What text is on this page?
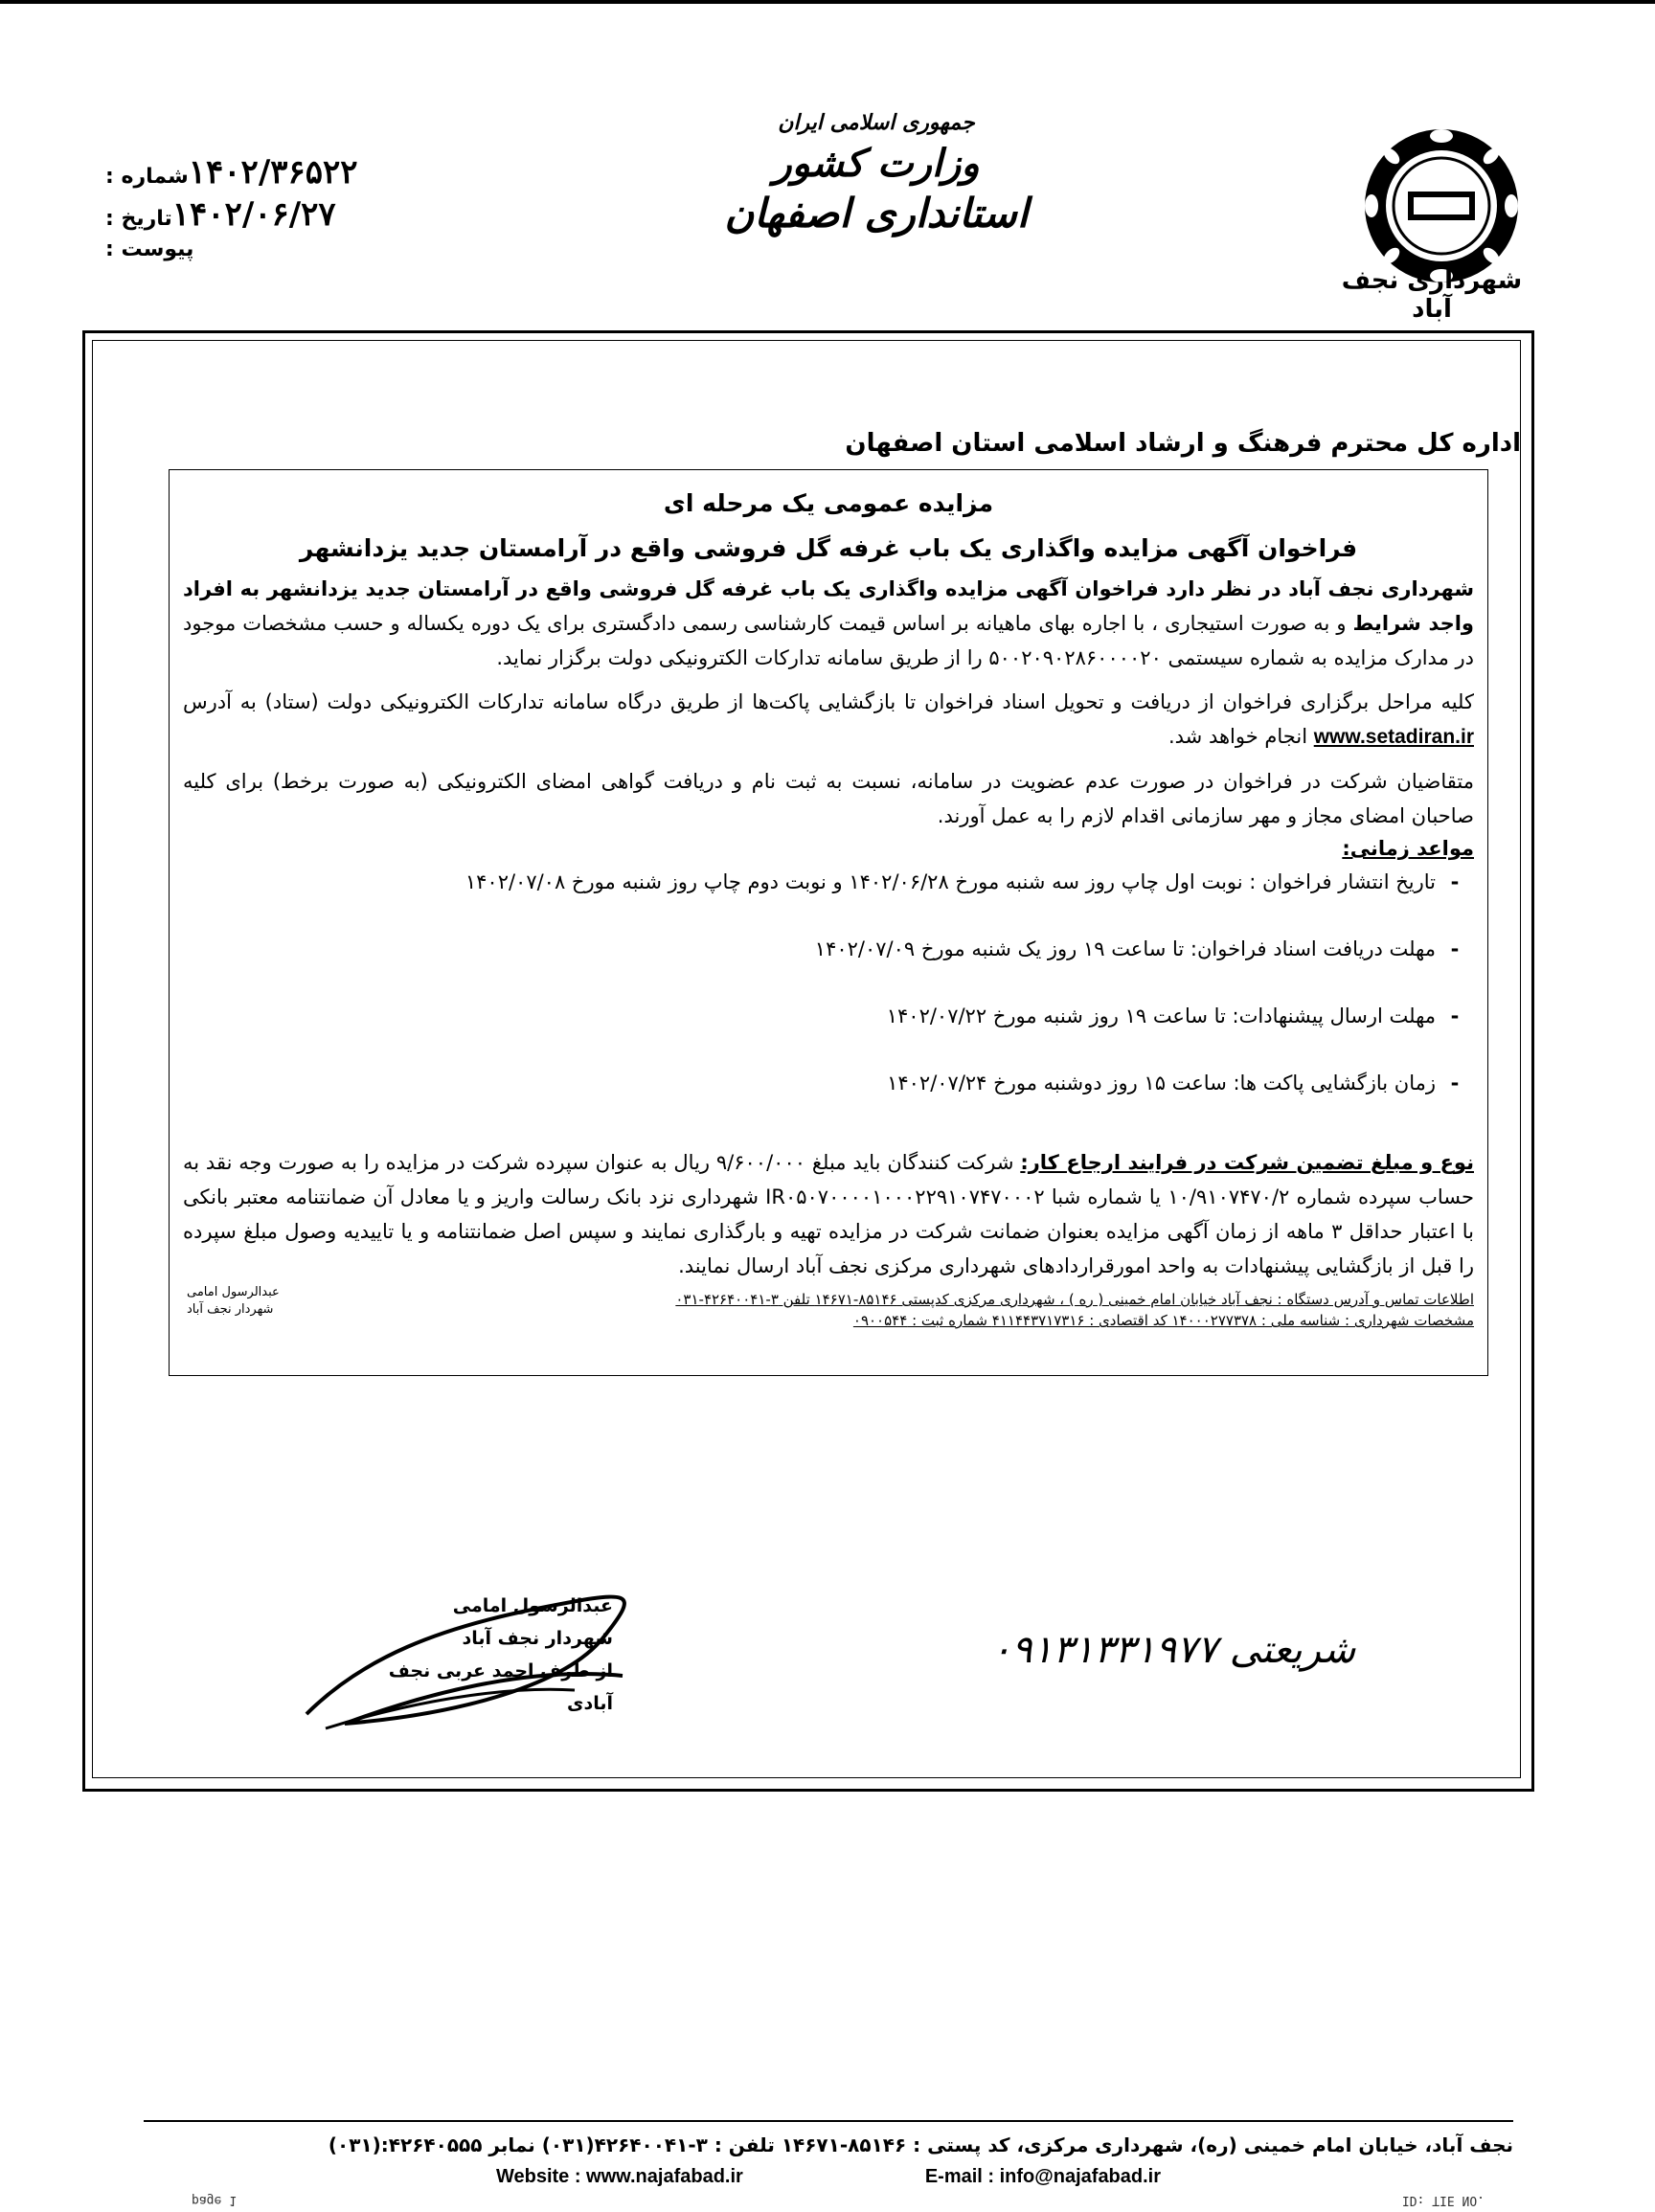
شهرداری نجف آباد
جمهوری اسلامی ایران
وزارت کشور
استانداری اصفهان
شماره : ۱۴۰۲/۳۶۵۲۲
تاریخ : ۱۴۰۲/۰۶/۲۷
پیوست :
اداره کل محترم فرهنگ و ارشاد اسلامی استان اصفهان
مزایده عمومی یک مرحله ای
فراخوان آگهی مزایده واگذاری یک باب غرفه گل فروشی واقع در آرامستان جدید یزدانشهر
شهرداری نجف آباد در نظر دارد فراخوان آگهی مزایده واگذاری یک باب غرفه گل فروشی واقع در آرامستان جدید یزدانشهر به افراد واجد شرایط و به صورت استیجاری ، با اجاره بهای ماهیانه بر اساس قیمت کارشناسی رسمی دادگستری برای یک دوره یکساله و حسب مشخصات موجود در مدارک مزایده به شماره سیستمی ۵۰۰۲۰۹۰۲۸۶۰۰۰۰۲۰ را از طریق سامانه تدارکات الکترونیکی دولت برگزار نماید.
کلیه مراحل برگزاری فراخوان از دریافت و تحویل اسناد فراخوان تا بازگشایی پاکت‌ها از طریق درگاه سامانه تدارکات الکترونیکی دولت (ستاد) به آدرس www.setadiran.ir انجام خواهد شد.
متقاضیان شرکت در فراخوان در صورت عدم عضویت در سامانه، نسبت به ثبت نام و دریافت گواهی امضای الکترونیکی (به صورت برخط) برای کلیه صاحبان امضای مجاز و مهر سازمانی اقدام لازم را به عمل آورند.
مواعد زمانی:
-
تاریخ انتشار فراخوان : نوبت اول چاپ روز سه شنبه مورخ ۱۴۰۲/۰۶/۲۸ و نوبت دوم چاپ روز شنبه مورخ ۱۴۰۲/۰۷/۰۸
-
مهلت دریافت اسناد فراخوان: تا ساعت ۱۹ روز یک شنبه مورخ ۱۴۰۲/۰۷/۰۹
-
مهلت ارسال پیشنهادات: تا ساعت ۱۹ روز شنبه مورخ ۱۴۰۲/۰۷/۲۲
-
زمان بازگشایی پاکت ها: ساعت ۱۵ روز دوشنبه مورخ ۱۴۰۲/۰۷/۲۴
نوع و مبلغ تضمین شرکت در فرایند ارجاع کار: شرکت کنندگان باید مبلغ ۹/۶۰۰/۰۰۰ ریال به عنوان سپرده شرکت در مزایده را به صورت وجه نقد به حساب سپرده شماره ۱۰/۹۱۰۷۴۷۰/۲ یا شماره شبا IR۰۵۰۷۰۰۰۰۱۰۰۰۲۲۹۱۰۷۴۷۰۰۰۲ شهرداری نزد بانک رسالت واریز و یا معادل آن ضمانتنامه معتبر بانکی با اعتبار حداقل ۳ ماهه از زمان آگهی مزایده بعنوان ضمانت شرکت در مزایده تهیه و بارگذاری نمایند و سپس اصل ضمانتنامه و یا تاییدیه وصول مبلغ سپرده را قبل از بازگشایی پیشنهادات به واحد امورقراردادهای شهرداری مرکزی نجف آباد ارسال نمایند.
اطلاعات تماس و آدرس دستگاه : نجف آباد خیابان امام خمینی ( ره ) ، شهرداری مرکزی کدپستی ۸۵۱۴۶-۱۴۶۷۱ تلفن ۳-۴۲۶۴۰۰۴۱-۰۳۱
مشخصات شهرداری : شناسه ملی : ۱۴۰۰۰۲۷۷۳۷۸ کد اقتصادی : ۴۱۱۴۴۳۷۱۷۳۱۶ شماره ثبت : ۰۹۰۰۵۴۴
عبدالرسول امامی
شهردار نجف آباد
عبدالرسول امامی
شهردار نجف آباد
از طرف احمد عربی نجف آبادی
شریعتی ۰۹۱۳۱۳۳۱۹۷۷
نجف آباد، خیابان امام خمینی (ره)، شهرداری مرکزی، کد پستی : ۸۵۱۴۶-۱۴۶۷۱ تلفن : ۳-۴۲۶۴۰۰۴۱(۰۳۱) نمابر ۴۲۶۴۰۵۵۵:(۰۳۱)
Website : www.najafabad.ir	E-mail : info@najafabad.ir
page 1	ID: TIE NO.
